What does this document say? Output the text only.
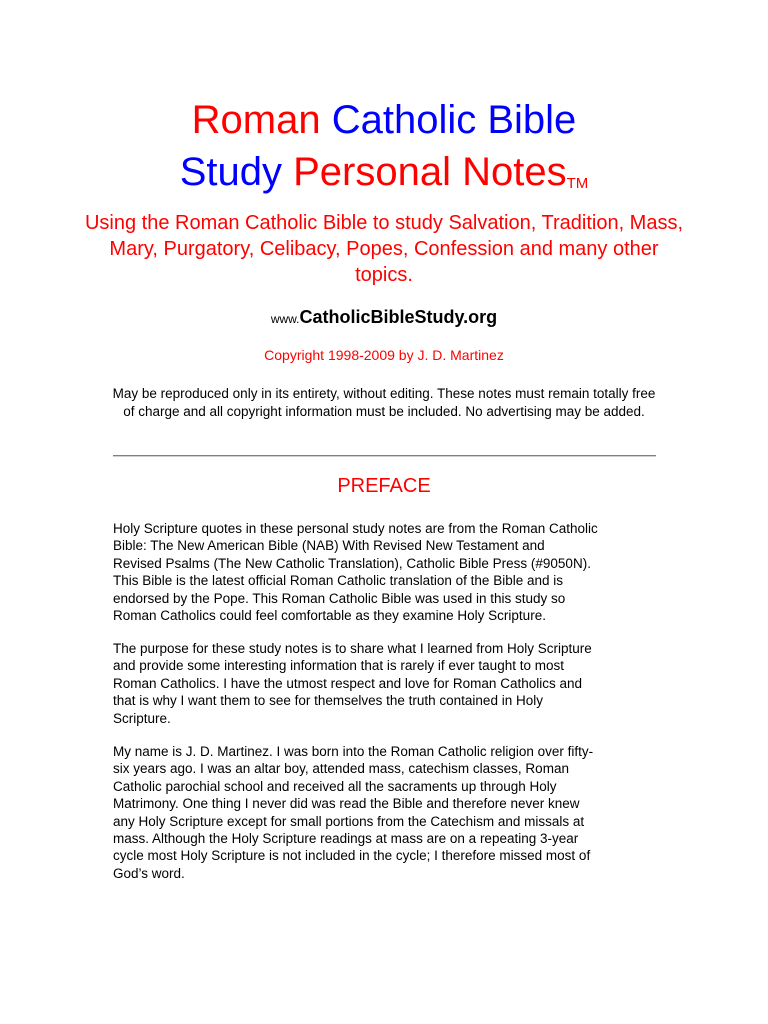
Roman Catholic Bible
Study Personal Notes™
Using the Roman Catholic Bible to study Salvation, Tradition, Mass, Mary, Purgatory, Celibacy, Popes, Confession and many other topics.
www.CatholicBibleStudy.org
Copyright 1998-2009 by J. D. Martinez
May be reproduced only in its entirety, without editing. These notes must remain totally free of charge and all copyright information must be included. No advertising may be added.
PREFACE
Holy Scripture quotes in these personal study notes are from the Roman Catholic
Bible: The New American Bible (NAB) With Revised New Testament and
Revised Psalms (The New Catholic Translation), Catholic Bible Press (#9050N).
This Bible is the latest official Roman Catholic translation of the Bible and is
endorsed by the Pope. This Roman Catholic Bible was used in this study so
Roman Catholics could feel comfortable as they examine Holy Scripture.
The purpose for these study notes is to share what I learned from Holy Scripture
and provide some interesting information that is rarely if ever taught to most
Roman Catholics. I have the utmost respect and love for Roman Catholics and
that is why I want them to see for themselves the truth contained in Holy
Scripture.
My name is J. D. Martinez. I was born into the Roman Catholic religion over fifty-
six years ago. I was an altar boy, attended mass, catechism classes, Roman
Catholic parochial school and received all the sacraments up through Holy
Matrimony. One thing I never did was read the Bible and therefore never knew
any Holy Scripture except for small portions from the Catechism and missals at
mass. Although the Holy Scripture readings at mass are on a repeating 3-year
cycle most Holy Scripture is not included in the cycle; I therefore missed most of
God’s word.
